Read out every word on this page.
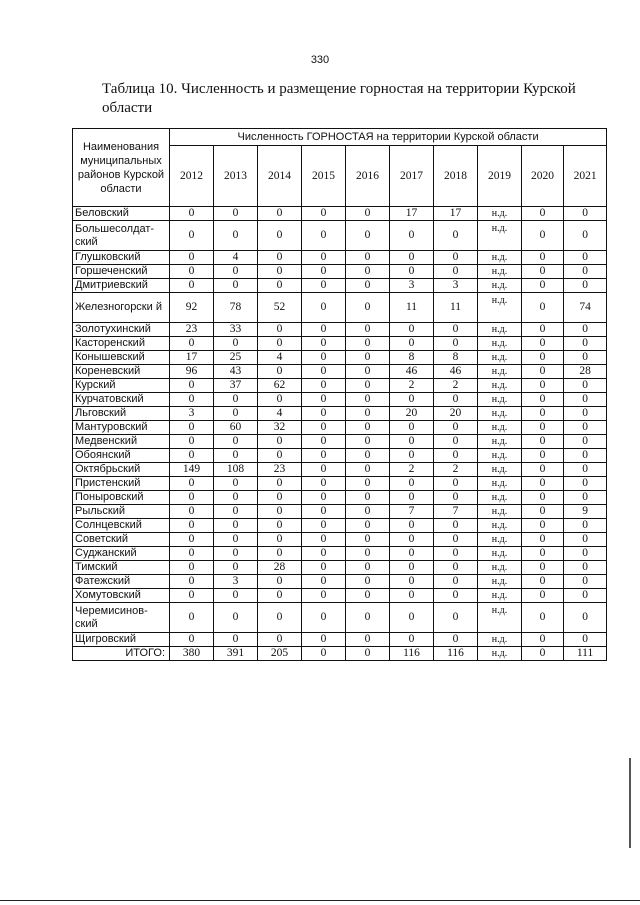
330
Таблица 10. Численность и размещение горностая на территории Курской области
Наименования муниципальных районов Курской области	Численность ГОРНОСТАЯ на территории Курской области									
	2012	2013	2014	2015	2016	2017	2018	2019	2020	2021
Беловский	0	0	0	0	0	17	17	н.д.	0	0
Большесолдат-ский	0	0	0	0	0	0	0	н.д.	0	0
Глушковский	0	4	0	0	0	0	0	н.д.	0	0
Горшеченский	0	0	0	0	0	0	0	н.д.	0	0
Дмитриевский	0	0	0	0	0	3	3	н.д.	0	0
Железногорски й	92	78	52	0	0	11	11	н.д.	0	74
Золотухинский	23	33	0	0	0	0	0	н.д.	0	0
Касторенский	0	0	0	0	0	0	0	н.д.	0	0
Конышевский	17	25	4	0	0	8	8	н.д.	0	0
Кореневский	96	43	0	0	0	46	46	н.д.	0	28
Курский	0	37	62	0	0	2	2	н.д.	0	0
Курчатовский	0	0	0	0	0	0	0	н.д.	0	0
Льговский	3	0	4	0	0	20	20	н.д.	0	0
Мантуровский	0	60	32	0	0	0	0	н.д.	0	0
Медвенский	0	0	0	0	0	0	0	н.д.	0	0
Обоянский	0	0	0	0	0	0	0	н.д.	0	0
Октябрьский	149	108	23	0	0	2	2	н.д.	0	0
Пристенский	0	0	0	0	0	0	0	н.д.	0	0
Поныровский	0	0	0	0	0	0	0	н.д.	0	0
Рыльский	0	0	0	0	0	7	7	н.д.	0	9
Солнцевский	0	0	0	0	0	0	0	н.д.	0	0
Советский	0	0	0	0	0	0	0	н.д.	0	0
Суджанский	0	0	0	0	0	0	0	н.д.	0	0
Тимский	0	0	28	0	0	0	0	н.д.	0	0
Фатежский	0	3	0	0	0	0	0	н.д.	0	0
Хомутовский	0	0	0	0	0	0	0	н.д.	0	0
Черемисинов-ский	0	0	0	0	0	0	0	н.д.	0	0
Щигровский	0	0	0	0	0	0	0	н.д.	0	0
ИТОГО:	380	391	205	0	0	116	116	н.д.	0	111
